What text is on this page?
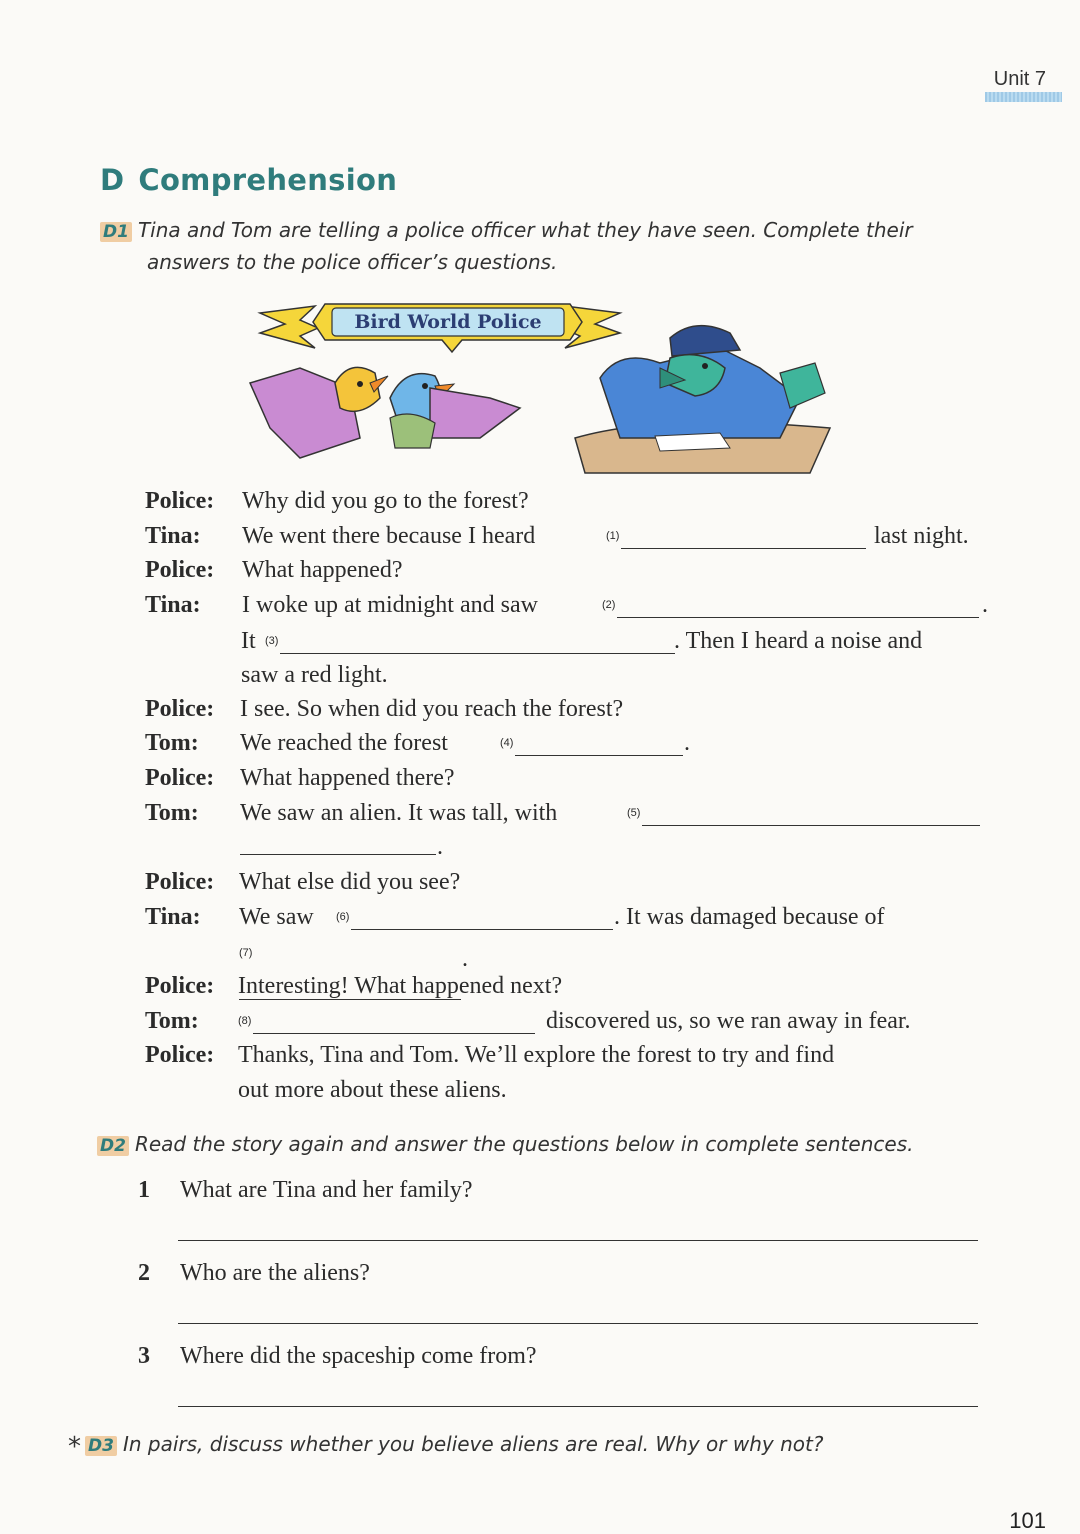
Unit 7
D Comprehension
D1 Tina and Tom are telling a police officer what they have seen. Complete their
answers to the police officer’s questions.
Bird World Police
Police: Why did you go to the forest?
Tina: We went there because I heard	$^{(1)}$	last night.
Police: What happened?
Tina: I woke up at midnight and saw	$^{(2)}$	.
It $^{(3)}$	. Then I heard a noise and
saw a red light.
Police: I see. So when did you reach the forest?
Tom: We reached the forest	$^{(4)}$	.
Police: What happened there?
Tom: We saw an alien. It was tall, with	$^{(5)}$
.
Police: What else did you see?
Tina: We saw $^{(6)}$	. It was damaged because of
$^{(7)}$	.
Police: Interesting! What happened next?
Tom:	$^{(8)}$	discovered us, so we ran away in fear.
Police: Thanks, Tina and Tom. We’ll explore the forest to try and find
out more about these aliens.
D2 Read the story again and answer the questions below in complete sentences.
1 What are Tina and her family?
2 Who are the aliens?
3 Where did the spaceship come from?
* D3 In pairs, discuss whether you believe aliens are real. Why or why not?
101
